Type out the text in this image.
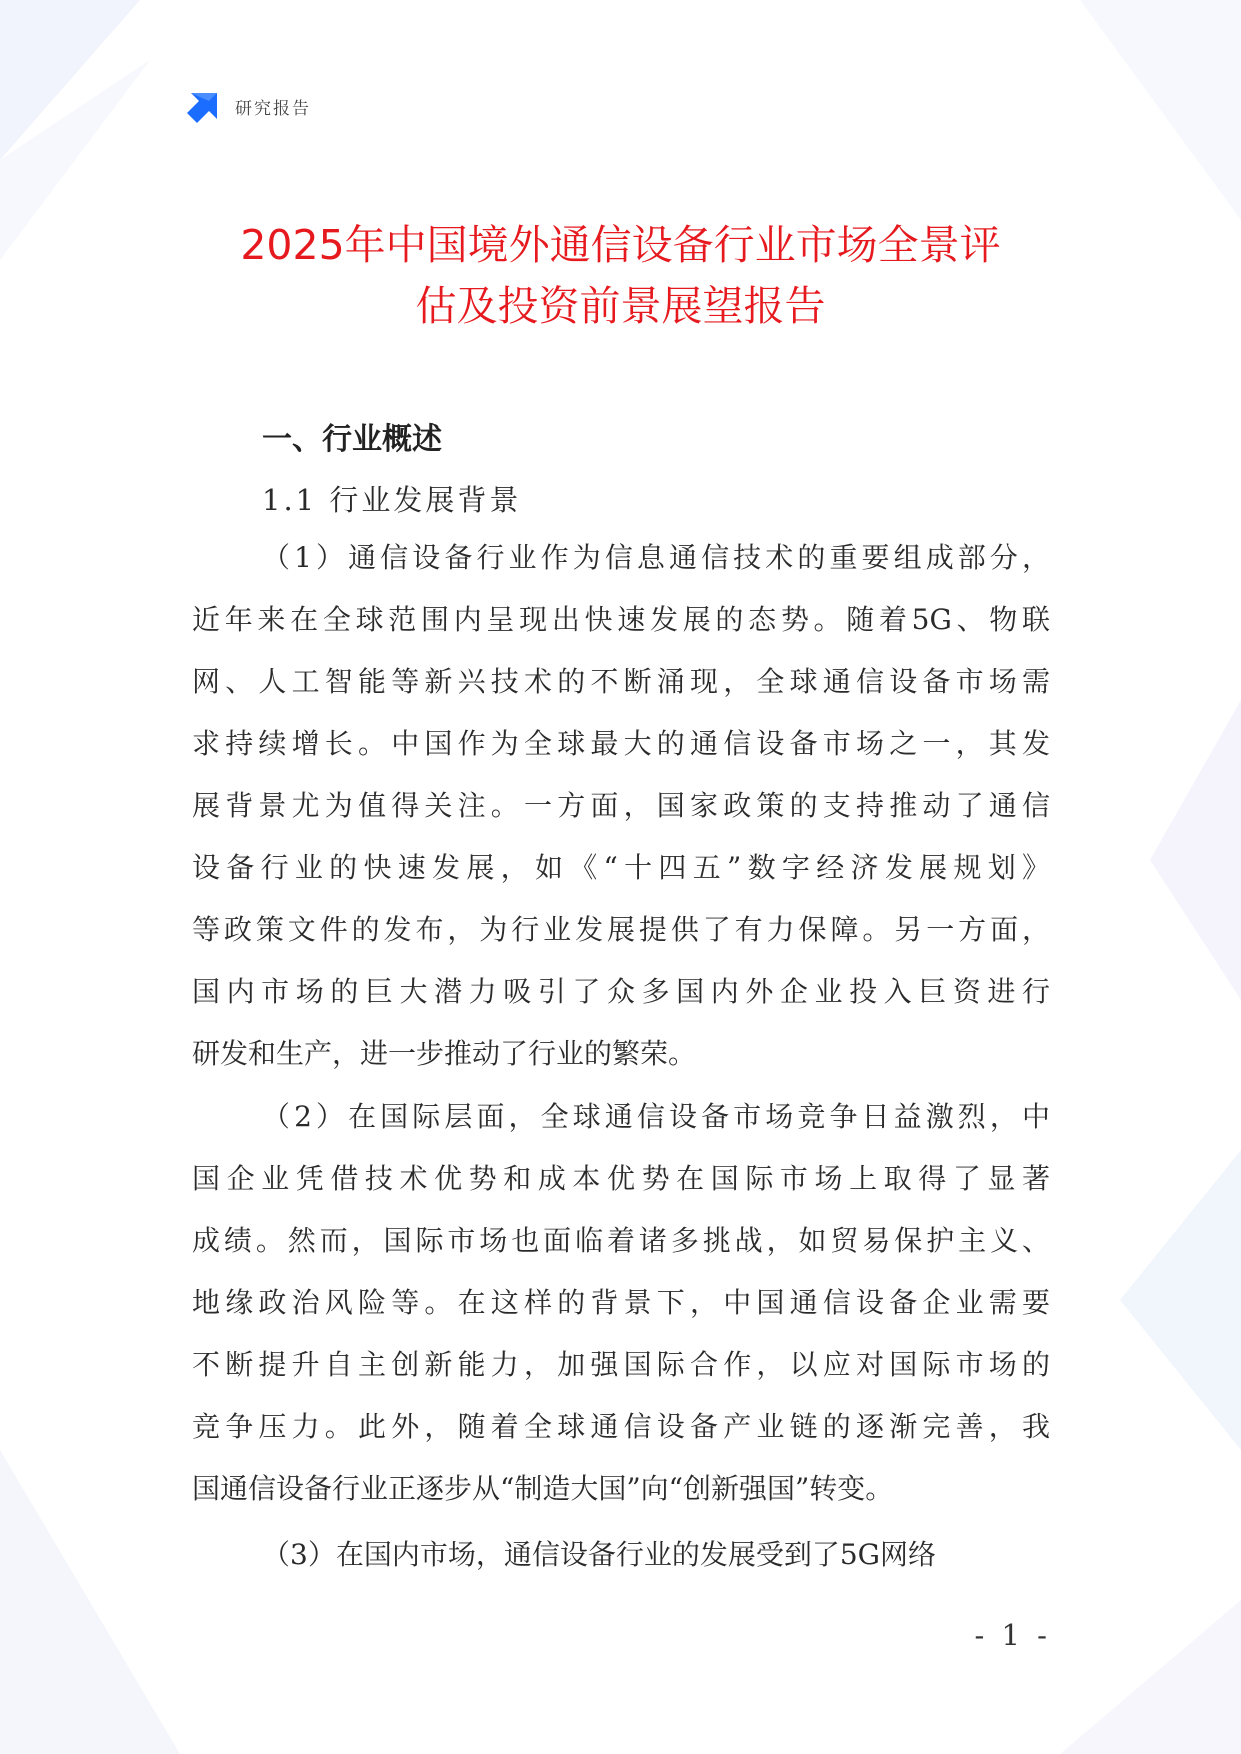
研究报告
2025年中国境外通信设备行业市场全景评
估及投资前景展望报告
一、行业概述
1.1 行业发展背景
（1）通信设备行业作为信息通信技术的重要组成部分，
近年来在全球范围内呈现出快速发展的态势。随着5G、物联
网、人工智能等新兴技术的不断涌现，全球通信设备市场需
求持续增长。中国作为全球最大的通信设备市场之一，其发
展背景尤为值得关注。一方面，国家政策的支持推动了通信
设备行业的快速发展，如《“十四五”数字经济发展规划》
等政策文件的发布，为行业发展提供了有力保障。另一方面，
国内市场的巨大潜力吸引了众多国内外企业投入巨资进行
研发和生产，进一步推动了行业的繁荣。
（2）在国际层面，全球通信设备市场竞争日益激烈，中
国企业凭借技术优势和成本优势在国际市场上取得了显著
成绩。然而，国际市场也面临着诸多挑战，如贸易保护主义、
地缘政治风险等。在这样的背景下，中国通信设备企业需要
不断提升自主创新能力，加强国际合作，以应对国际市场的
竞争压力。此外，随着全球通信设备产业链的逐渐完善，我
国通信设备行业正逐步从“制造大国”向“创新强国”转变。
（3）在国内市场，通信设备行业的发展受到了5G网络
- 1 -
